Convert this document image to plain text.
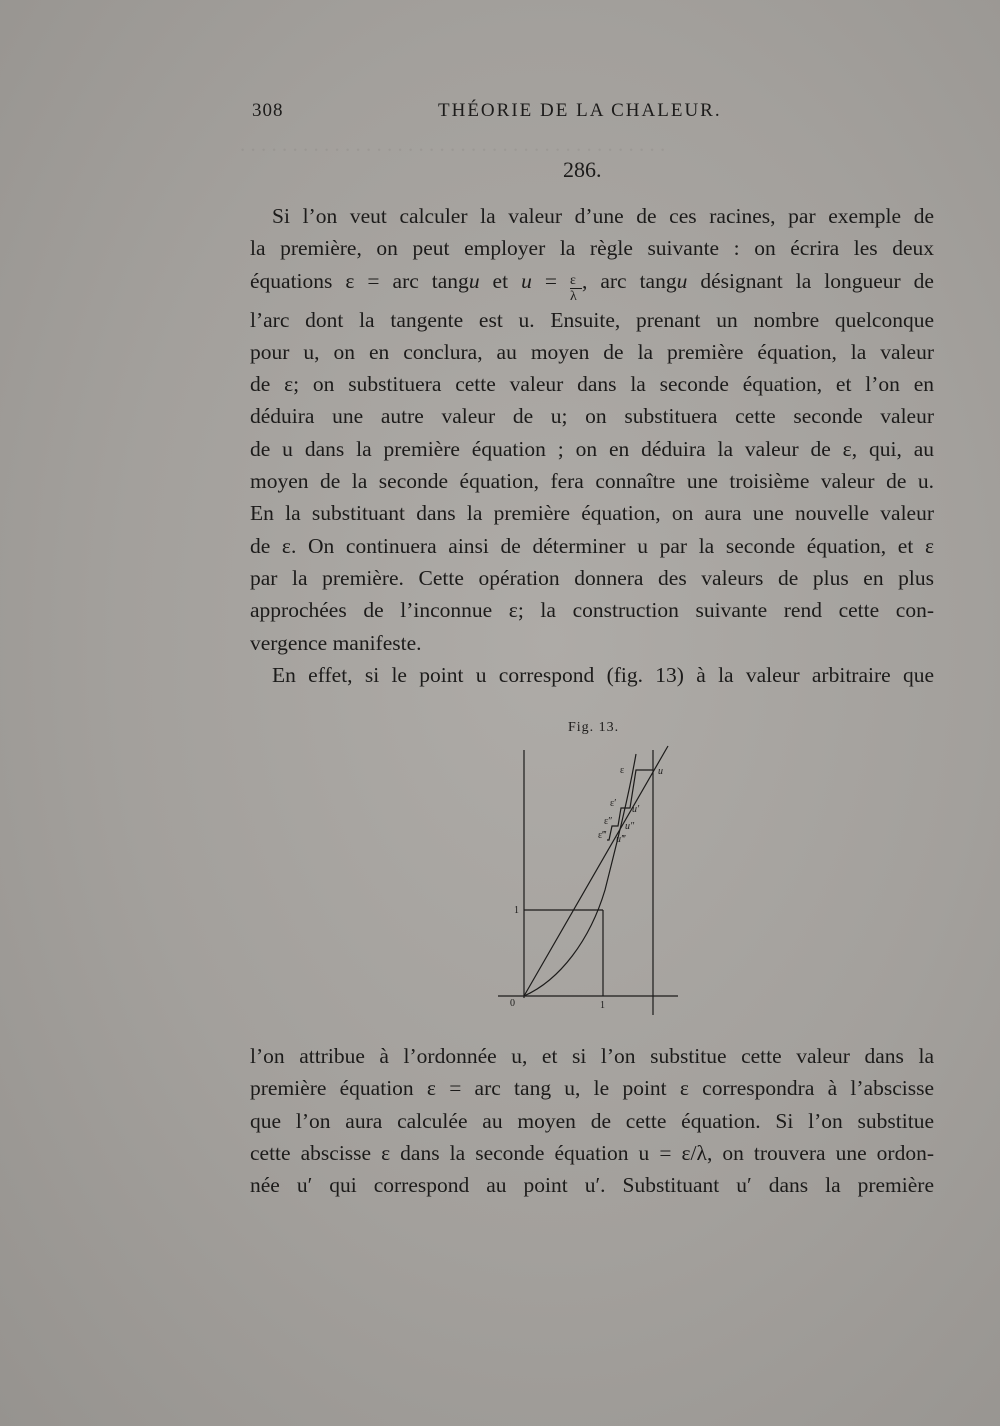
. . . . . . . . . . . . . . . . . . . . . . . . . . . . . . . . . . . . . . . . .
308	THÉORIE DE LA CHALEUR.
286.
Si l’on veut calculer la valeur d’une de ces racines, par exemple de
la première, on peut employer la règle suivante : on écrira les deux
équations ε = arc tangu et $u = \frac{\varepsilon}{\lambda}$ , arc tangu désignant la longueur de
l’arc dont la tangente est u. Ensuite, prenant un nombre quelconque
pour u, on en conclura, au moyen de la première équation, la valeur
de ε; on substituera cette valeur dans la seconde équation, et l’on en
déduira une autre valeur de u; on substituera cette seconde valeur
de u dans la première équation ; on en déduira la valeur de ε, qui, au
moyen de la seconde équation, fera connaître une troisième valeur de u.
En la substituant dans la première équation, on aura une nouvelle valeur
de ε. On continuera ainsi de déterminer u par la seconde équation, et ε
par la première. Cette opération donnera des valeurs de plus en plus
approchées de l’inconnue ε; la construction suivante rend cette con-
vergence manifeste.
En effet, si le point u correspond (fig. 13) à la valeur arbitraire que
Fig. 13.
ε	u
ε′
u′
ε″ u″
ε‴ u‴
1
1
0
l’on attribue à l’ordonnée u, et si l’on substitue cette valeur dans la
première équation ε = arc tang u, le point ε correspondra à l’abscisse
que l’on aura calculée au moyen de cette équation. Si l’on substitue
cette abscisse ε dans la seconde équation u = ε/λ, on trouvera une ordon-
née u′ qui correspond au point u′. Substituant u′ dans la première
